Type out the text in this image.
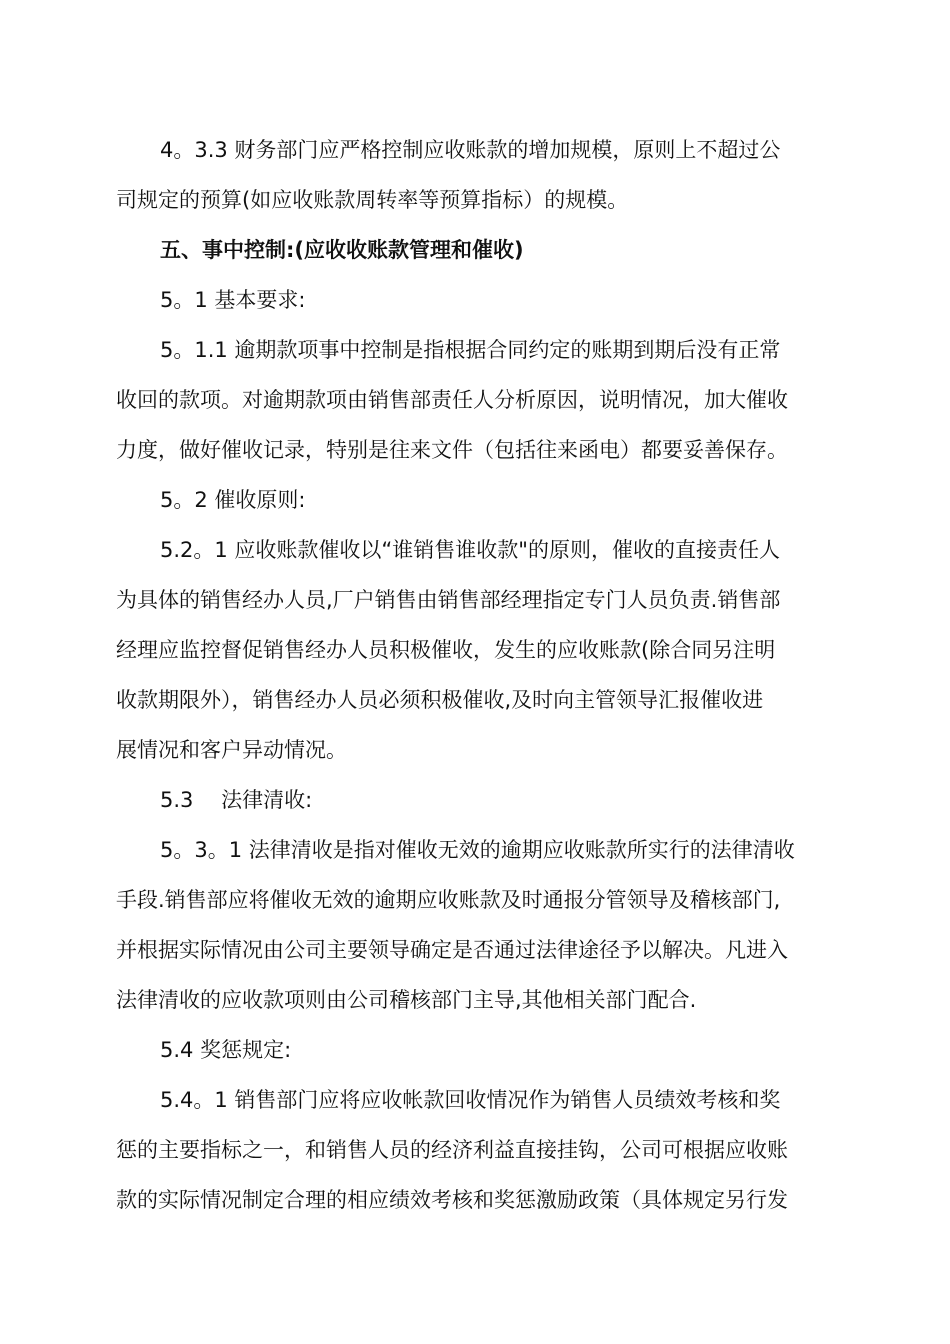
4。3.3 财务部门应严格控制应收账款的增加规模，原则上不超过公
司规定的预算(如应收账款周转率等预算指标）的规模。
五、事中控制:(应收收账款管理和催收)
5。1 基本要求:
5。1.1 逾期款项事中控制是指根据合同约定的账期到期后没有正常
收回的款项。对逾期款项由销售部责任人分析原因，说明情况，加大催收
力度，做好催收记录，特别是往来文件（包括往来函电）都要妥善保存。
5。2 催收原则:
5.2。1 应收账款催收以“谁销售谁收款"的原则，催收的直接责任人
为具体的销售经办人员,厂户销售由销售部经理指定专门人员负责.销售部
经理应监控督促销售经办人员积极催收，发生的应收账款(除合同另注明
收款期限外），销售经办人员必须积极催收,及时向主管领导汇报催收进
展情况和客户异动情况。
5.3　 法律清收:
5。3。1 法律清收是指对催收无效的逾期应收账款所实行的法律清收
手段.销售部应将催收无效的逾期应收账款及时通报分管领导及稽核部门,
并根据实际情况由公司主要领导确定是否通过法律途径予以解决。凡进入
法律清收的应收款项则由公司稽核部门主导,其他相关部门配合.
5.4 奖惩规定:
5.4。1 销售部门应将应收帐款回收情况作为销售人员绩效考核和奖
惩的主要指标之一，和销售人员的经济利益直接挂钩，公司可根据应收账
款的实际情况制定合理的相应绩效考核和奖惩激励政策（具体规定另行发
